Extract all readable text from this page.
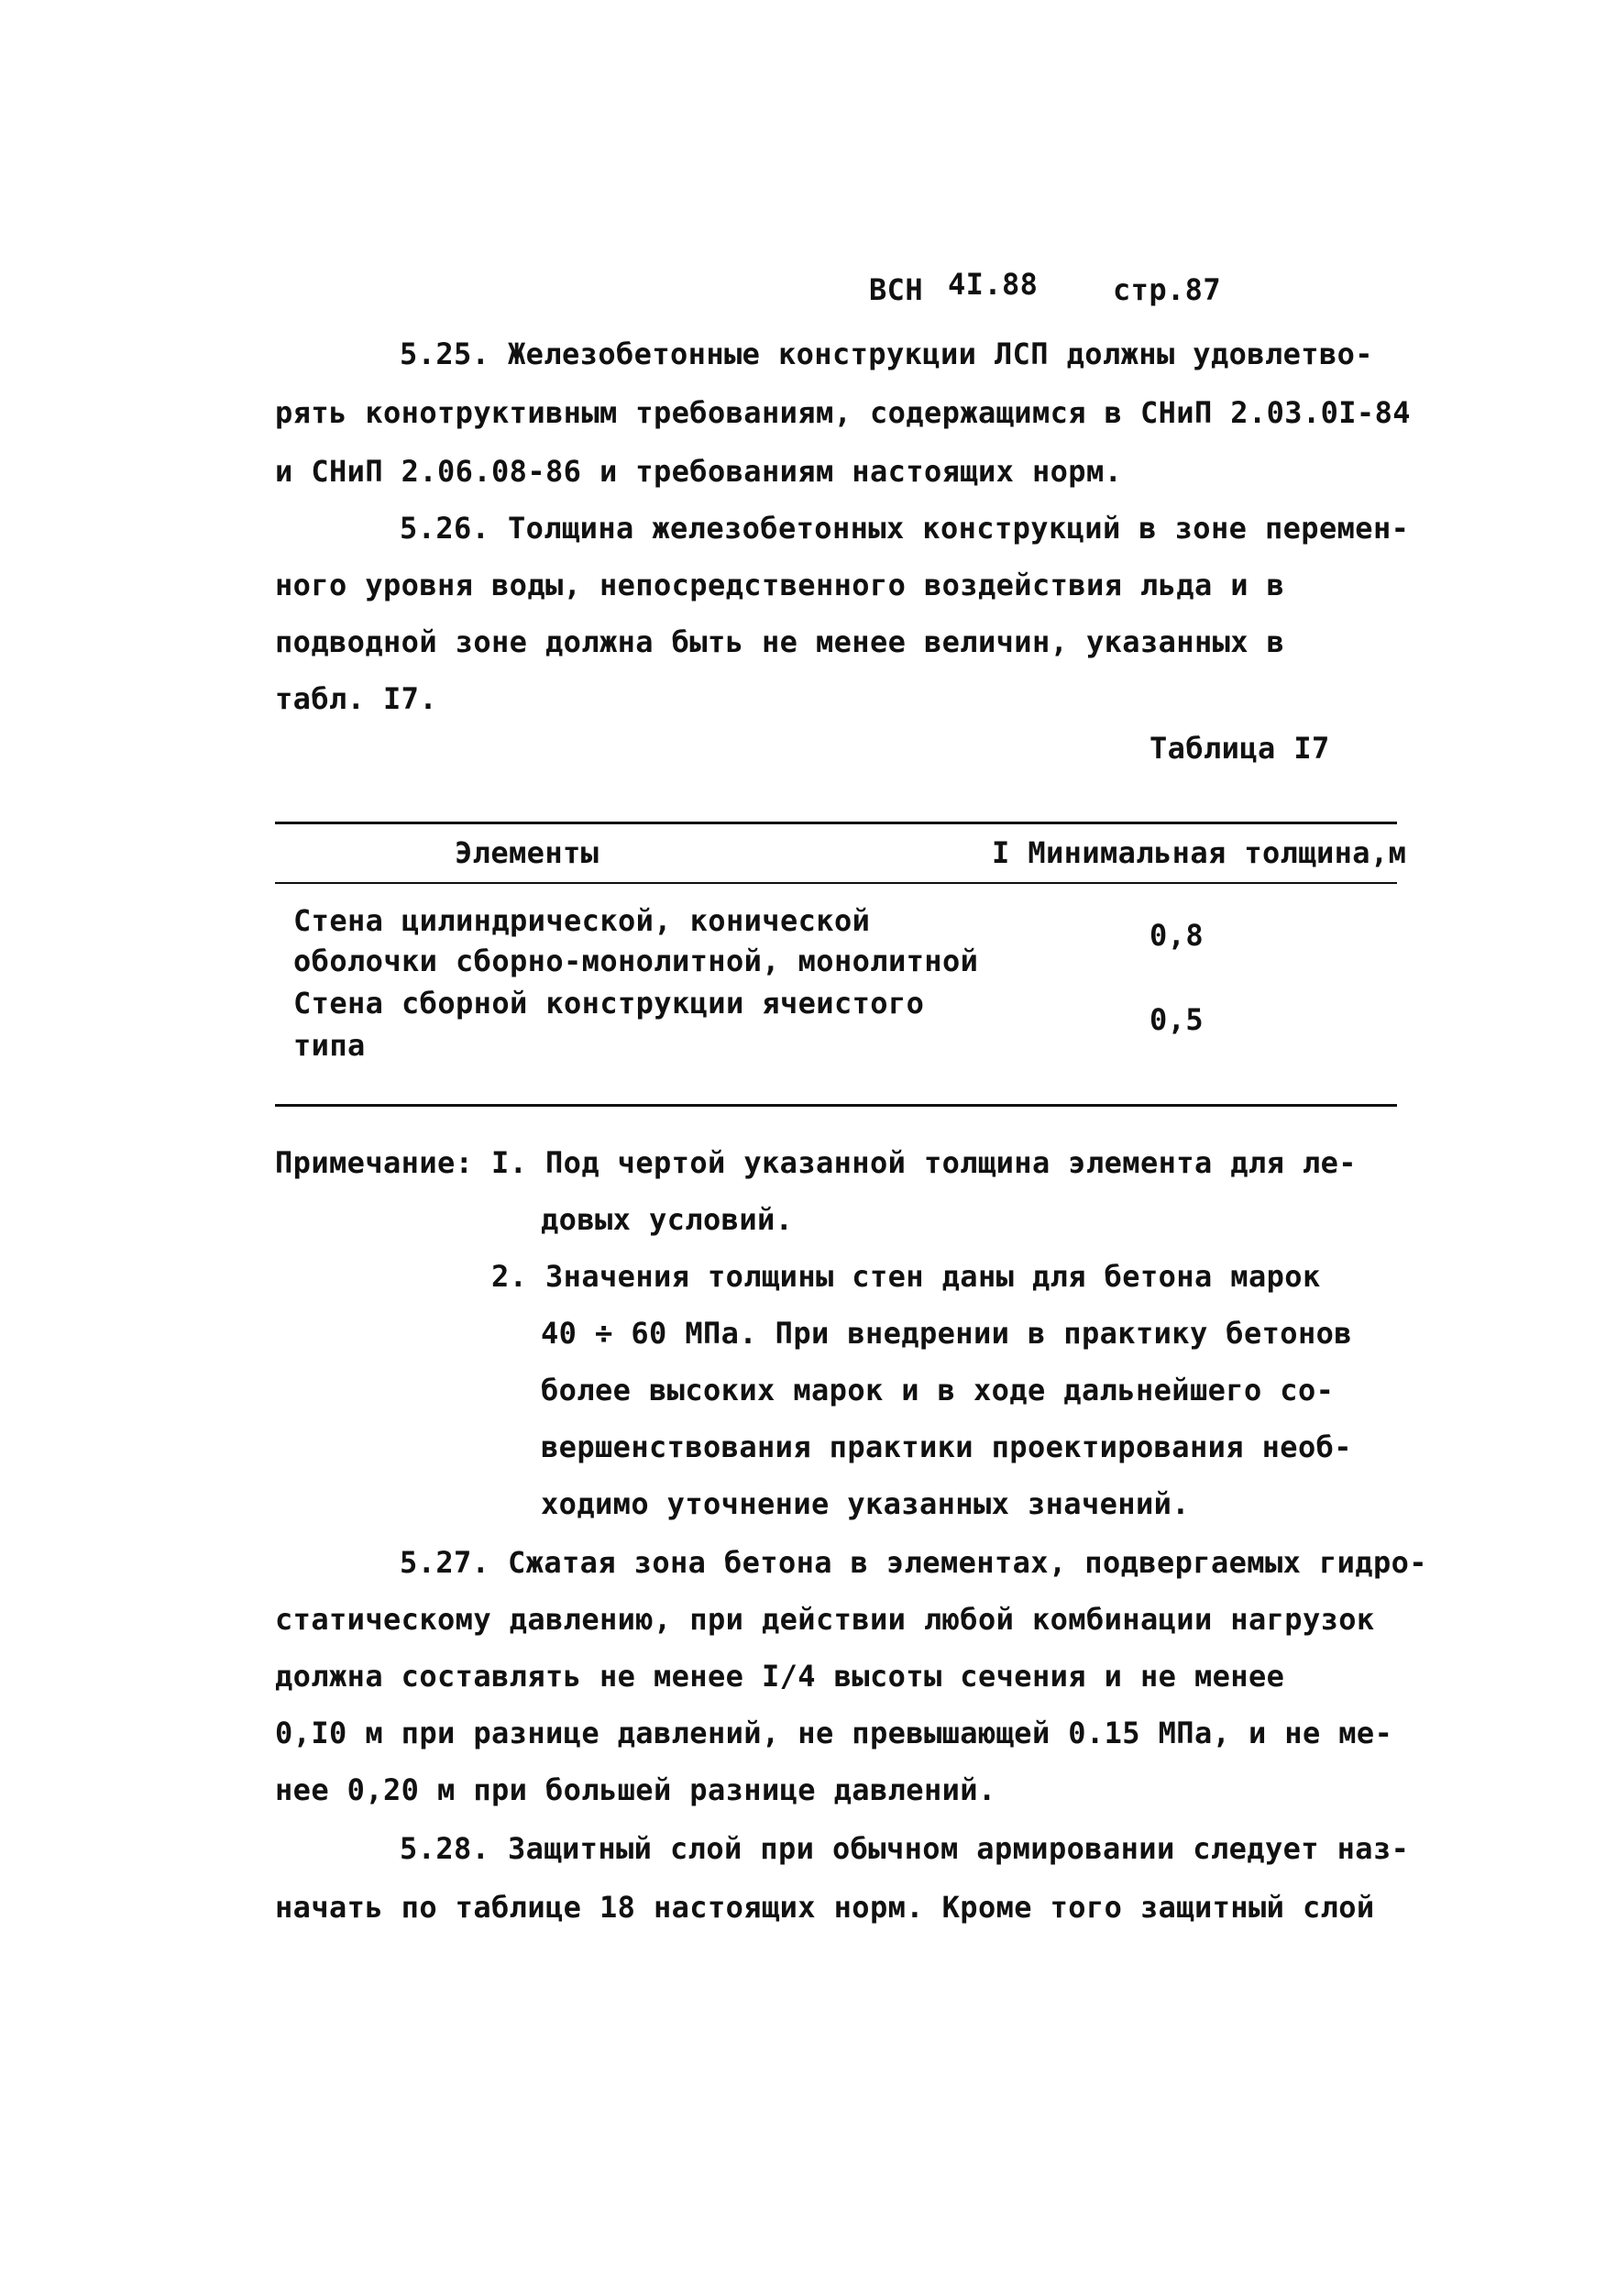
ВСН 4I.88	стр.87
5.25. Железобетонные конструкции ЛСП должны удовлетво-
рять конотруктивным требованиям, содержащимся в СНиП 2.03.0I-84
и СНиП 2.06.08-86 и требованиям настоящих норм.
5.26. Толщина железобетонных конструкций в зоне перемен-
ного уровня воды, непосредственного воздействия льда и в
подводной зоне должна быть не менее величин, указанных в
табл. I7.
Таблица I7
Элементы	І Минимальная толщина,м
Стена цилиндрической, конической
оболочки сборно-монолитной, монолитной
0,8
Стена сборной конструкции ячеистого
типа
0,5
Примечание: I. Под чертой указанной толщина элемента для ле-
довых условий.
2. Значения толщины стен даны для бетона марок
40 ÷ 60 МПа. При внедрении в практику бетонов
более высоких марок и в ходе дальнейшего со-
вершенствования практики проектирования необ-
ходимо уточнение указанных значений.
5.27. Сжатая зона бетона в элементах, подвергаемых гидро-
статическому давлению, при действии любой комбинации нагрузок
должна составлять не менее I/4 высоты сечения и не менее
0,I0 м при разнице давлений, не превышающей 0.15 МПа, и не ме-
нее 0,20 м при большей разнице давлений.
5.28. Защитный слой при обычном армировании следует наз-
начать по таблице 18 настоящих норм. Кроме того защитный слой
